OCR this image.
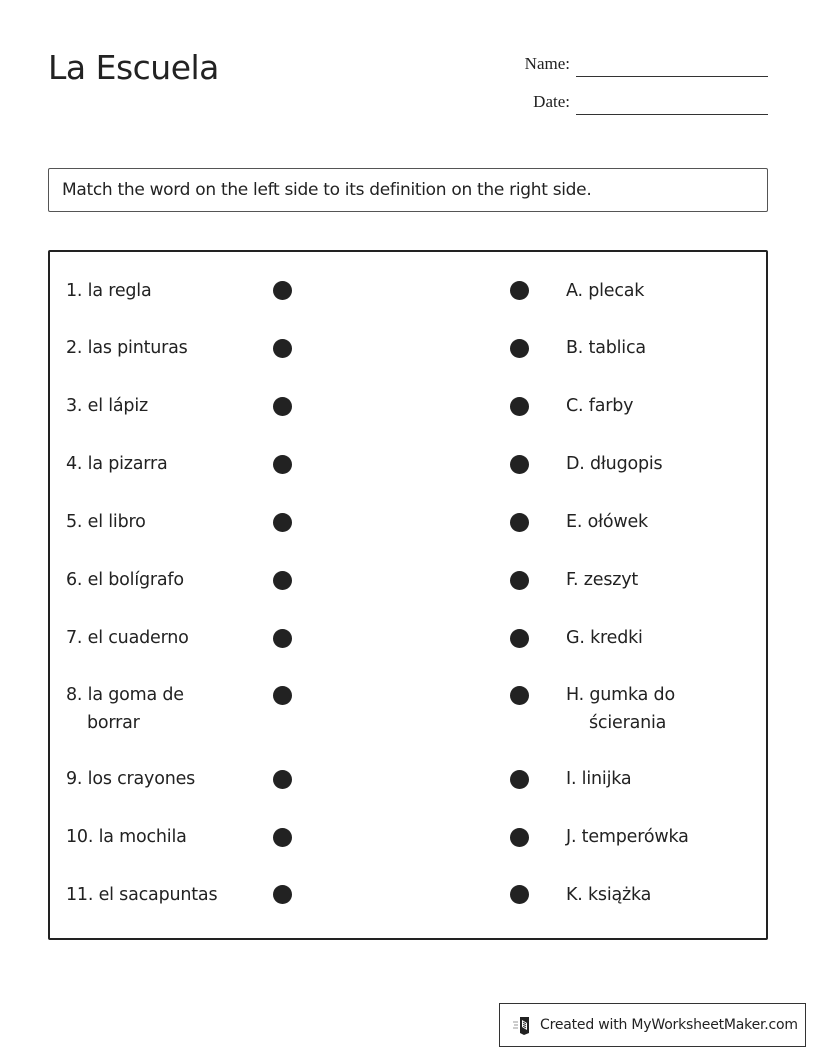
La Escuela	Name:
Date:
Match the word on the left side to its definition on the right side.
1. la regla
2. las pinturas
3. el lápiz
4. la pizarra
5. el libro
6. el bolígrafo
7. el cuaderno
8. la goma de
borrar
9. los crayones
10. la mochila
11. el sacapuntas
A. plecak
B. tablica
C. farby
D. długopis
E. ołówek
F. zeszyt
G. kredki
H. gumka do
ścierania
I. linijka
J. temperówka
K. książka
Created with MyWorksheetMaker.com
